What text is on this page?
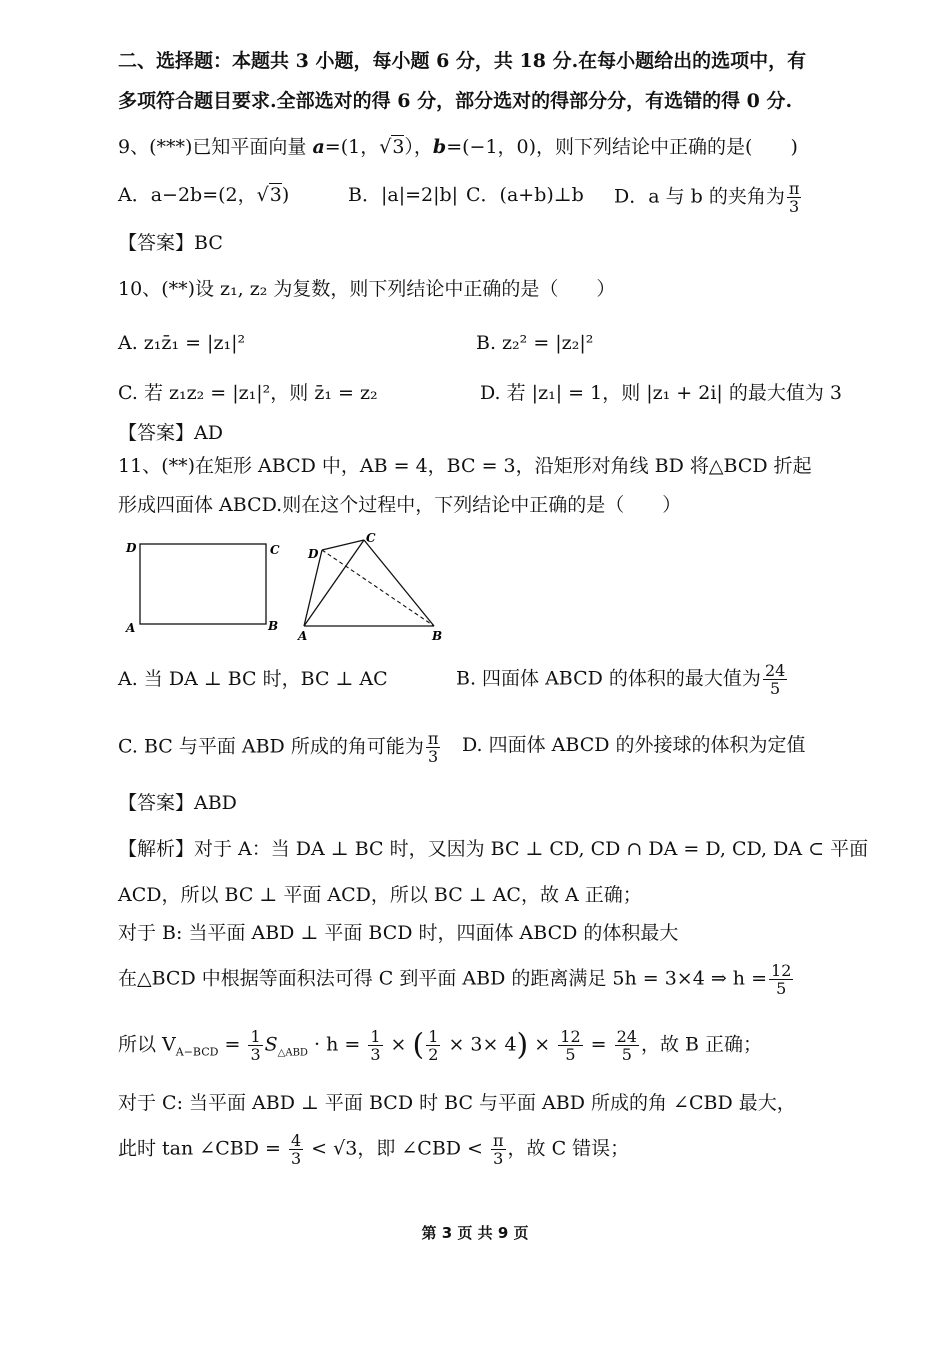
二、选择题：本题共 3 小题，每小题 6 分，共 18 分.在每小题给出的选项中，有
多项符合题目要求.全部选对的得 6 分，部分选对的得部分分，有选错的得 0 分.
9、(***)已知平面向量 a=(1，√3），b=(−1，0)，则下列结论中正确的是(　　)
A．a−2b=(2，√3)	B．|a|=2|b| C．(a+b)⊥b D．a 与 b 的夹角为 $\frac{\pi}{3}$
【答案】BC
10、(**)设 z₁, z₂ 为复数，则下列结论中正确的是（　　）
A. z₁z̄₁ = |z₁|²	B. z₂² = |z₂|²
C. 若 z₁z₂ = |z₁|²，则 z̄₁ = z₂	D. 若 |z₁| = 1，则 |z₁ + 2i| 的最大值为 3
【答案】AD
11、(**)在矩形 ABCD 中，AB = 4，BC = 3，沿矩形对角线 BD 将△BCD 折起
形成四面体 ABCD.则在这个过程中，下列结论中正确的是（　　）
D	C
A	B
D
C
A	B
A. 当 DA ⊥ BC 时，BC ⊥ AC	B. 四面体 ABCD 的体积的最大值为 $\frac{24}{5}$
C. BC 与平面 ABD 所成的角可能为 $\frac{\pi}{3} D$. 四面体 ABCD 的外接球的体积为定值
【答案】ABD
【解析】对于 A：当 DA ⊥ BC 时，又因为 BC ⊥ CD, CD ∩ DA = D, CD, DA ⊂ 平面
ACD，所以 BC ⊥ 平面 ACD，所以 BC ⊥ AC，故 A 正确；
对于 B: 当平面 ABD ⊥ 平面 BCD 时，四面体 ABCD 的体积最大
在△BCD 中根据等面积法可得 C 到平面 ABD 的距离满足 5h = 3×4 ⇒ $h = \frac{12}{5}$
所以 $V_{A-BCD} = \frac{1}{3} S_{\triangle ABD} \cdot h = \frac{1}{3}$ × ( $\frac{1}{2} \times 3\times 4) \times \frac{12}{5} = \frac{24}{5}$ ，故 B 正确；
对于 C: 当平面 ABD ⊥ 平面 BCD 时 BC 与平面 ABD 所成的角 ∠CBD 最大，
此时 tan ∠CBD = $\frac{4}{3} < √3$，即 ∠CBD < $\frac{\pi}{3}$ ，故 C 错误；
第 3 页 共 9 页
